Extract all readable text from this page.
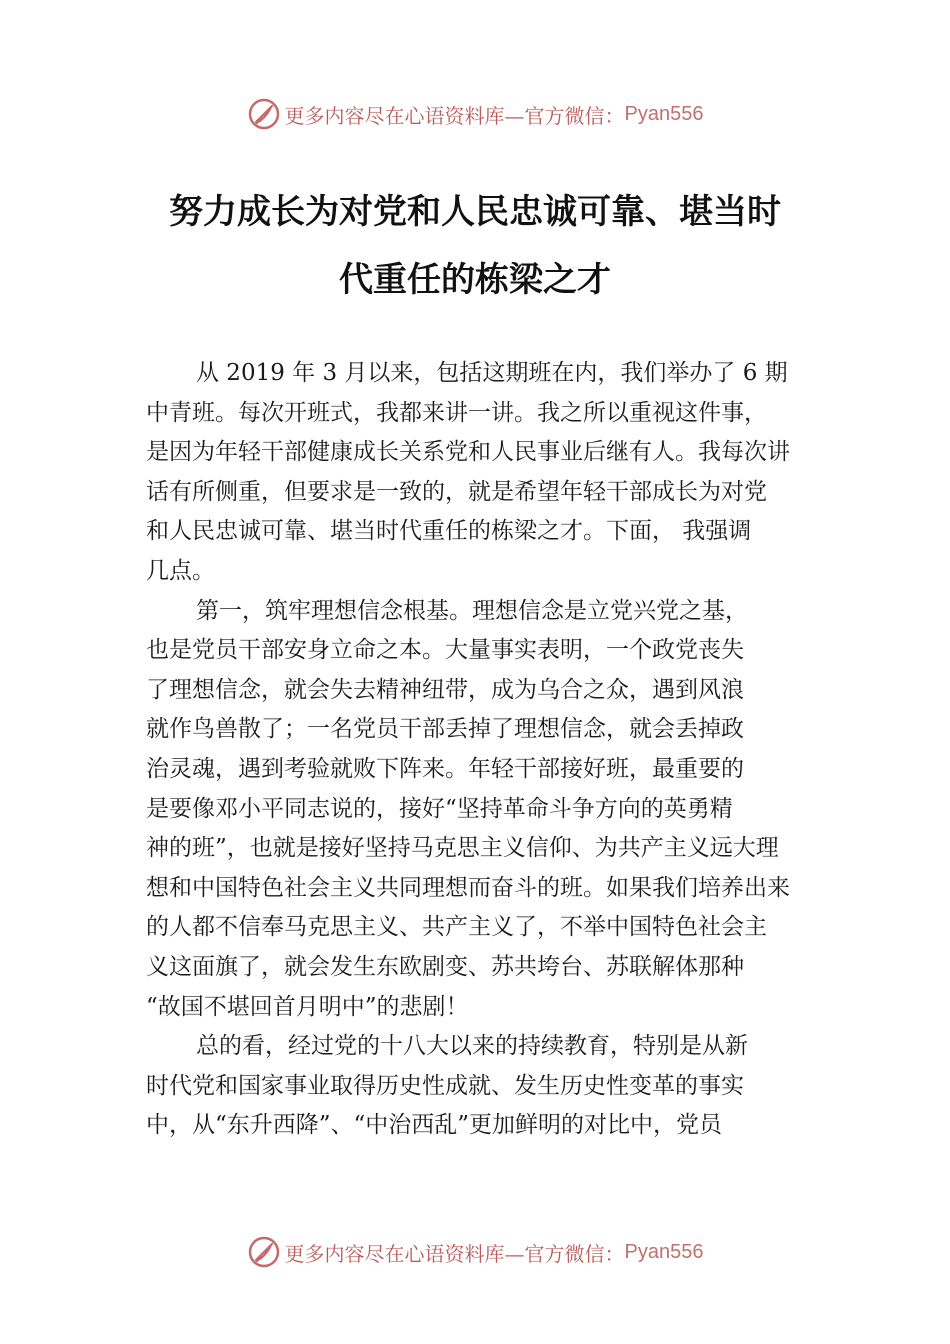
更多内容尽在心语资料库—官方微信： Pyan556
努力成长为对党和人民忠诚可靠、堪当时
代重任的栋梁之才
从 2019 年 3 月以来，包括这期班在内，我们举办了 6 期
中青班。每次开班式，我都来讲一讲。我之所以重视这件事，
是因为年轻干部健康成长关系党和人民事业后继有人。我每次讲
话有所侧重，但要求是一致的，就是希望年轻干部成长为对党
和人民忠诚可靠、堪当时代重任的栋梁之才。下面， 我强调
几点。
第一，筑牢理想信念根基。理想信念是立党兴党之基，
也是党员干部安身立命之本。大量事实表明，一个政党丧失
了理想信念，就会失去精神纽带，成为乌合之众，遇到风浪
就作鸟兽散了；一名党员干部丢掉了理想信念，就会丢掉政
治灵魂，遇到考验就败下阵来。年轻干部接好班，最重要的
是要像邓小平同志说的，接好“坚持革命斗争方向的英勇精
神的班”，也就是接好坚持马克思主义信仰、为共产主义远大理
想和中国特色社会主义共同理想而奋斗的班。如果我们培养出来
的人都不信奉马克思主义、共产主义了，不举中国特色社会主
义这面旗了，就会发生东欧剧变、苏共垮台、苏联解体那种
“故国不堪回首月明中”的悲剧！
总的看，经过党的十八大以来的持续教育，特别是从新
时代党和国家事业取得历史性成就、发生历史性变革的事实
中，从“东升西降”、“中治西乱”更加鲜明的对比中，党员
更多内容尽在心语资料库—官方微信： Pyan556
